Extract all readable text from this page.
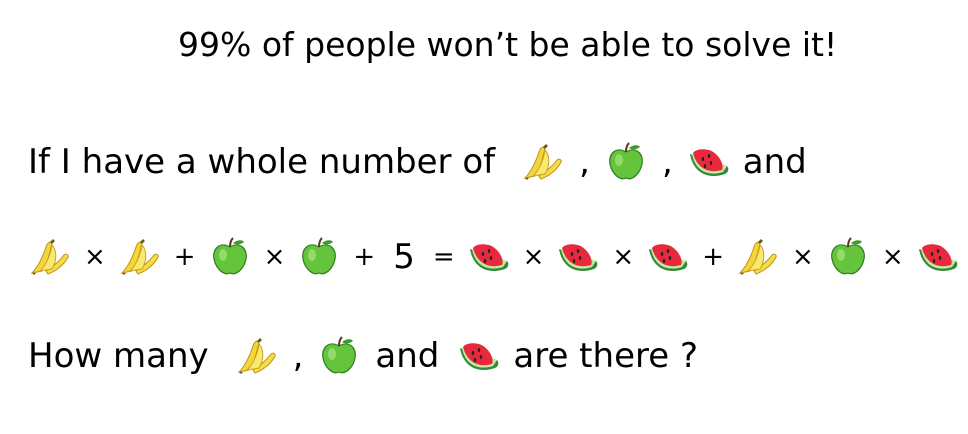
99% of people won’t be able to solve it!
If I have a whole number of , , and
×	+	×	+ 5 =	×	×	+	×	×
How many , and are there ?
